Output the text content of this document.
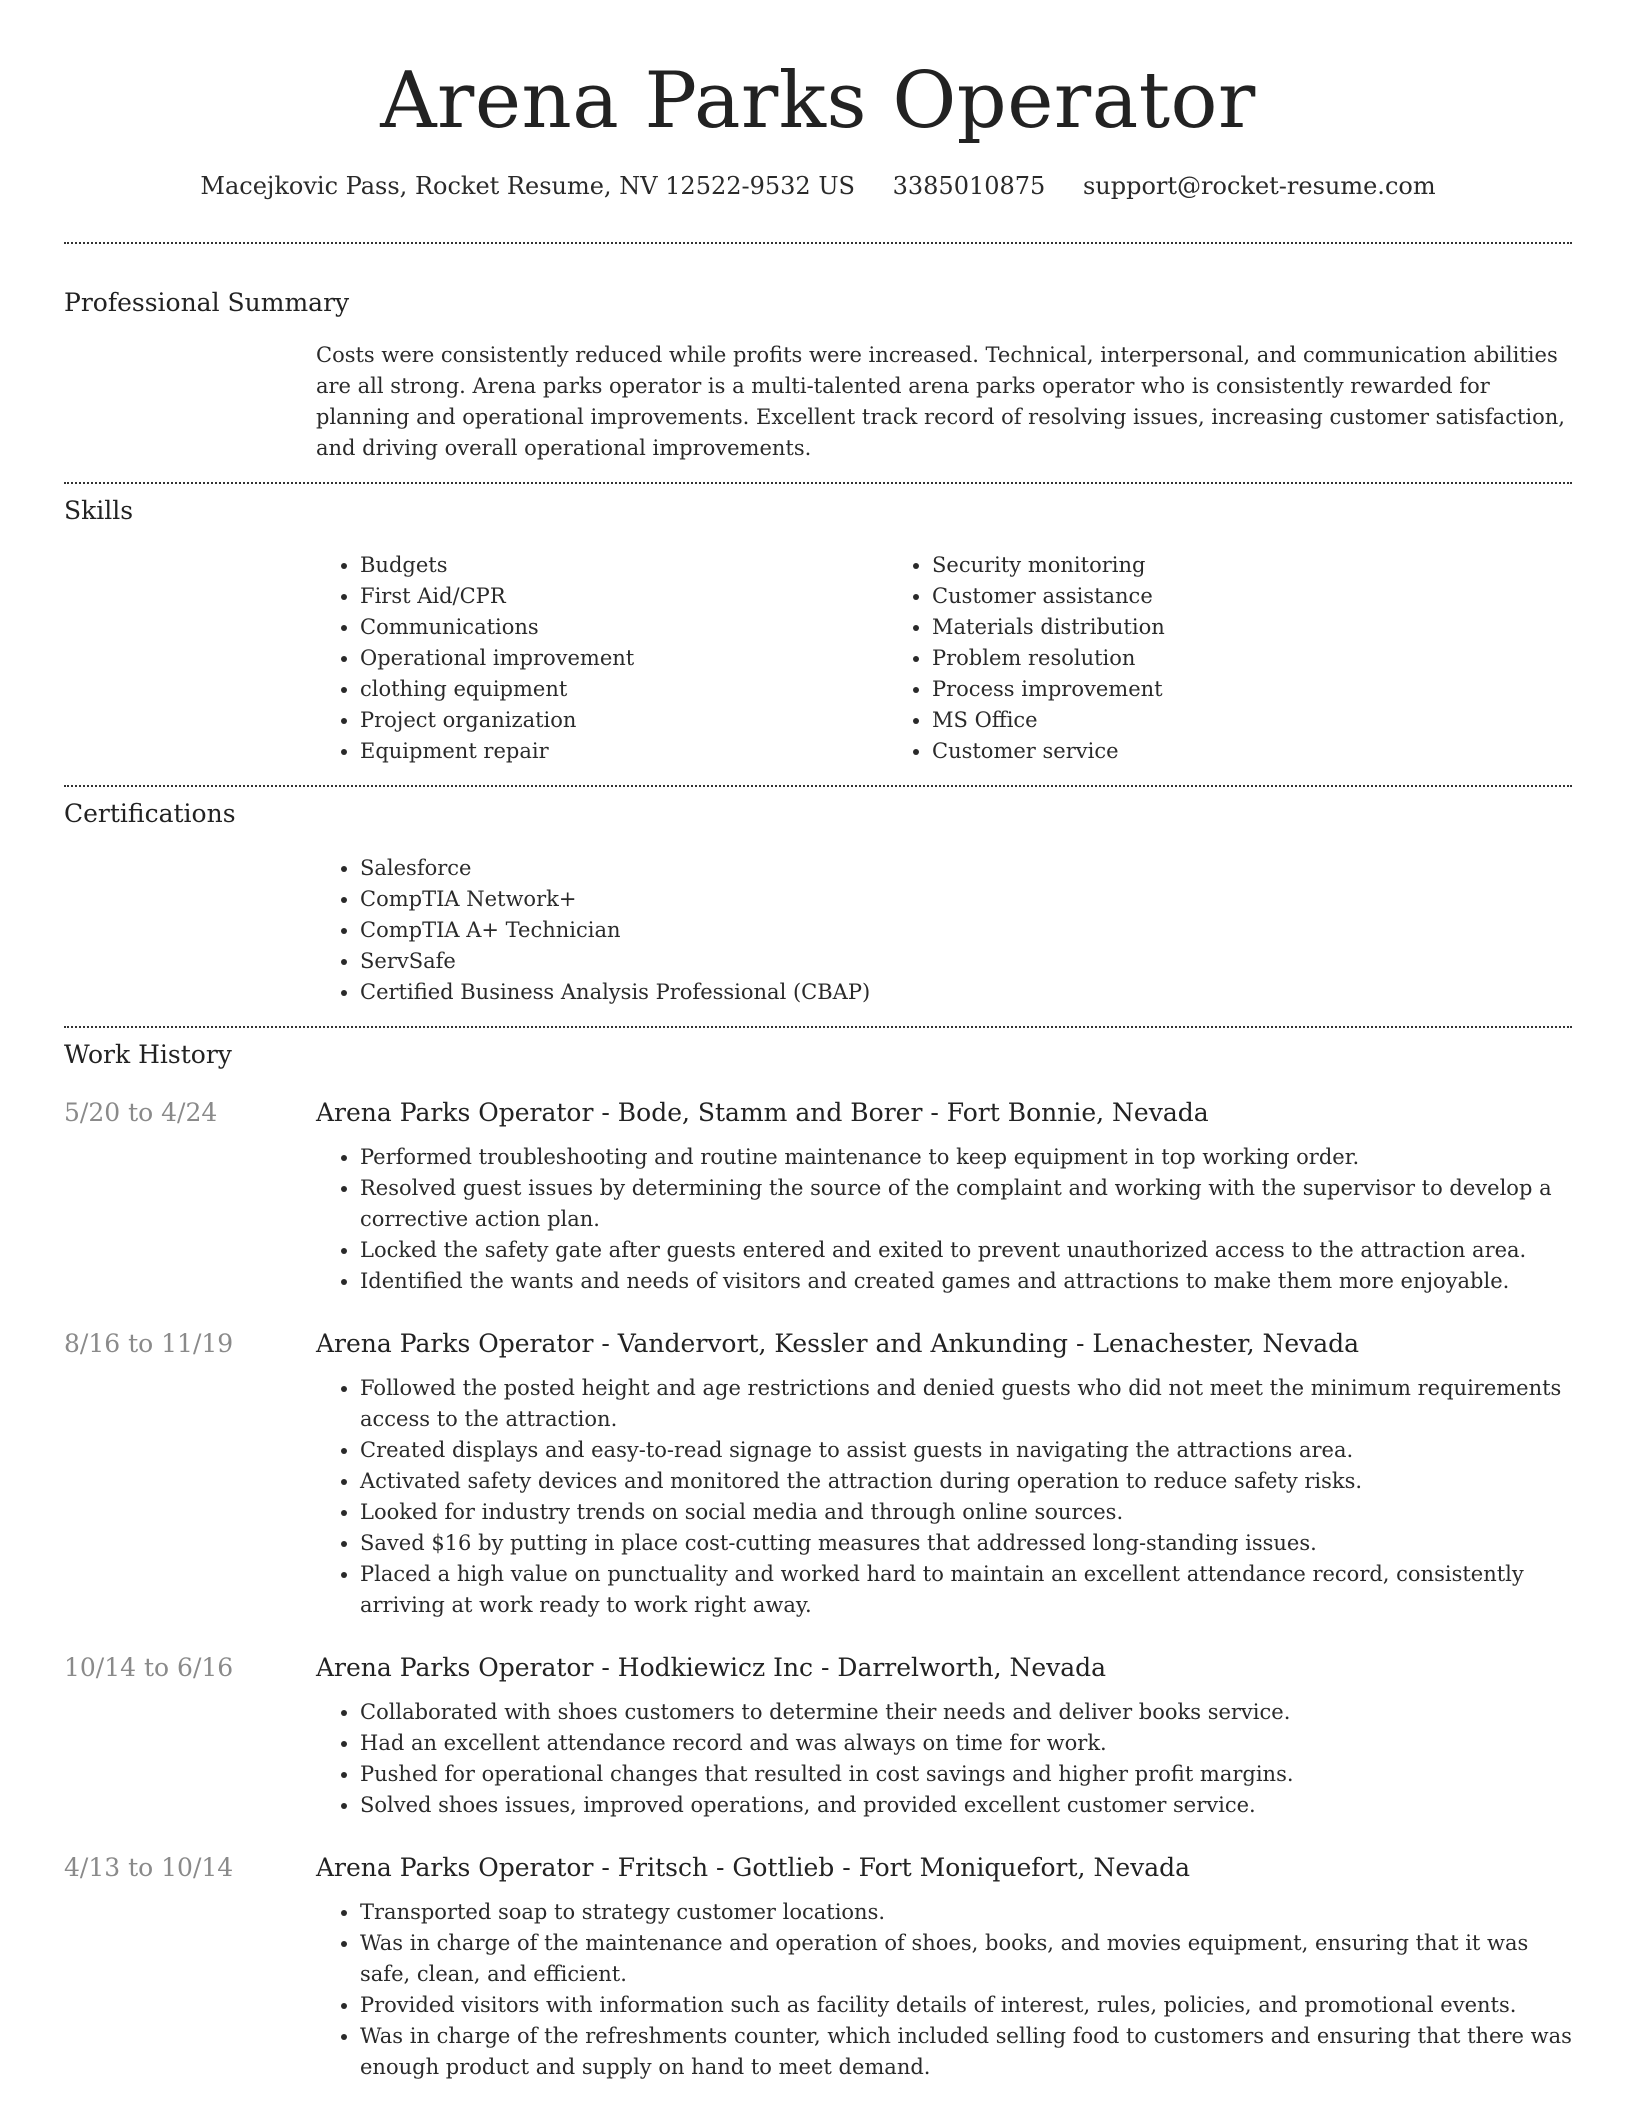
Arena Parks Operator
Macejkovic Pass, Rocket Resume, NV 12522-9532 US 3385010875 support@rocket-resume.com
Professional Summary
Costs were consistently reduced while profits were increased. Technical, interpersonal, and communication abilities are all strong. Arena parks operator is a multi-talented arena parks operator who is consistently rewarded for planning and operational improvements. Excellent track record of resolving issues, increasing customer satisfaction, and driving overall operational improvements.
Skills
• Budgets
• First Aid/CPR
• Communications
• Operational improvement
• clothing equipment
• Project organization
• Equipment repair
• Security monitoring
• Customer assistance
• Materials distribution
• Problem resolution
• Process improvement
• MS Office
• Customer service
Certifications
• Salesforce
• CompTIA Network+
• CompTIA A+ Technician
• ServSafe
• Certified Business Analysis Professional (CBAP)
Work History
5/20 to 4/24	Arena Parks Operator - Bode, Stamm and Borer - Fort Bonnie, Nevada
• Performed troubleshooting and routine maintenance to keep equipment in top working order.
• Resolved guest issues by determining the source of the complaint and working with the supervisor to develop a corrective action plan.
• Locked the safety gate after guests entered and exited to prevent unauthorized access to the attraction area.
• Identified the wants and needs of visitors and created games and attractions to make them more enjoyable.
8/16 to 11/19	Arena Parks Operator - Vandervort, Kessler and Ankunding - Lenachester, Nevada
• Followed the posted height and age restrictions and denied guests who did not meet the minimum requirements access to the attraction.
• Created displays and easy-to-read signage to assist guests in navigating the attractions area.
• Activated safety devices and monitored the attraction during operation to reduce safety risks.
• Looked for industry trends on social media and through online sources.
• Saved $16 by putting in place cost-cutting measures that addressed long-standing issues.
• Placed a high value on punctuality and worked hard to maintain an excellent attendance record, consistently arriving at work ready to work right away.
10/14 to 6/16	Arena Parks Operator - Hodkiewicz Inc - Darrelworth, Nevada
• Collaborated with shoes customers to determine their needs and deliver books service.
• Had an excellent attendance record and was always on time for work.
• Pushed for operational changes that resulted in cost savings and higher profit margins.
• Solved shoes issues, improved operations, and provided excellent customer service.
4/13 to 10/14	Arena Parks Operator - Fritsch - Gottlieb - Fort Moniquefort, Nevada
• Transported soap to strategy customer locations.
• Was in charge of the maintenance and operation of shoes, books, and movies equipment, ensuring that it was safe, clean, and efficient.
• Provided visitors with information such as facility details of interest, rules, policies, and promotional events.
• Was in charge of the refreshments counter, which included selling food to customers and ensuring that there was enough product and supply on hand to meet demand.
